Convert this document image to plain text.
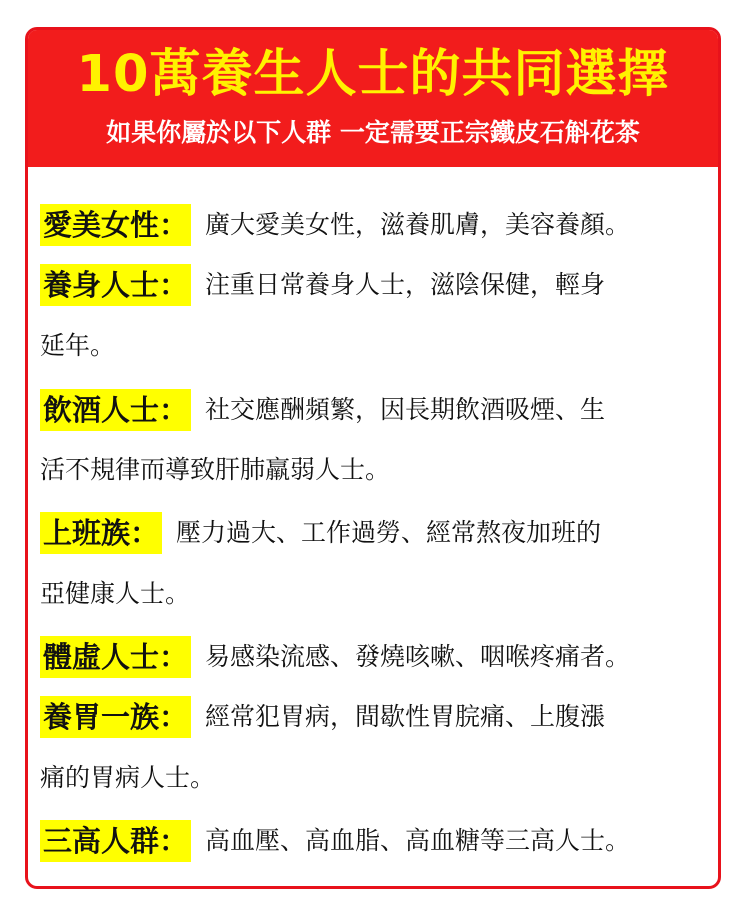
10萬養生人士的共同選擇
如果你屬於以下人群 一定需要正宗鐵皮石斛花茶
愛美女性： 廣大愛美女性，滋養肌膚，美容養顏。
養身人士： 注重日常養身人士，滋陰保健，輕身
延年。
飲酒人士： 社交應酬頻繁，因長期飲酒吸煙、生
活不規律而導致肝肺羸弱人士。
上班族： 壓力過大、工作過勞、經常熬夜加班的
亞健康人士。
體虛人士： 易感染流感、發燒咳嗽、咽喉疼痛者。
養胃一族： 經常犯胃病，間歇性胃脘痛、上腹漲
痛的胃病人士。
三高人群： 高血壓、高血脂、高血糖等三高人士。
